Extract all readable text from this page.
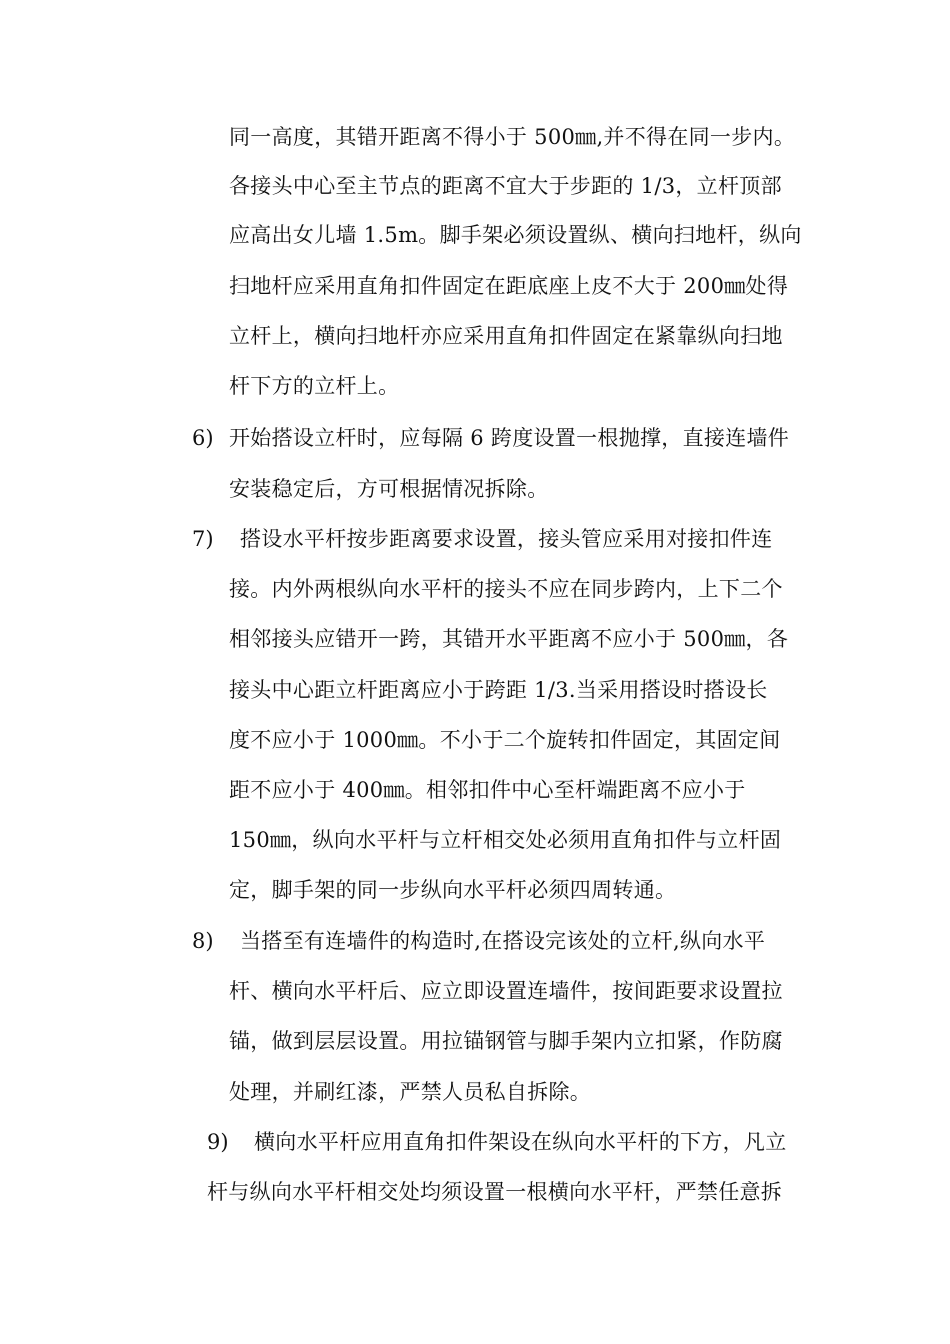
同一高度，其错开距离不得小于 500㎜,并不得在同一步内。
各接头中心至主节点的距离不宜大于步距的 1/3，立杆顶部
应高出女儿墙 1.5m。脚手架必须设置纵、横向扫地杆，纵向
扫地杆应采用直角扣件固定在距底座上皮不大于 200㎜处得
立杆上，横向扫地杆亦应采用直角扣件固定在紧靠纵向扫地
杆下方的立杆上。
6) 开始搭设立杆时，应每隔 6 跨度设置一根抛撑，直接连墙件
安装稳定后，方可根据情况拆除。
7) 搭设水平杆按步距离要求设置，接头管应采用对接扣件连
接。内外两根纵向水平杆的接头不应在同步跨内，上下二个
相邻接头应错开一跨，其错开水平距离不应小于 500㎜，各
接头中心距立杆距离应小于跨距 1/3.当采用搭设时搭设长
度不应小于 1000㎜。不小于二个旋转扣件固定，其固定间
距不应小于 400㎜。相邻扣件中心至杆端距离不应小于
150㎜，纵向水平杆与立杆相交处必须用直角扣件与立杆固
定，脚手架的同一步纵向水平杆必须四周转通。
8) 当搭至有连墙件的构造时,在搭设完该处的立杆,纵向水平
杆、横向水平杆后、应立即设置连墙件，按间距要求设置拉
锚，做到层层设置。用拉锚钢管与脚手架内立扣紧，作防腐
处理，并刷红漆，严禁人员私自拆除。
9) 横向水平杆应用直角扣件架设在纵向水平杆的下方，凡立
杆与纵向水平杆相交处均须设置一根横向水平杆，严禁任意拆
